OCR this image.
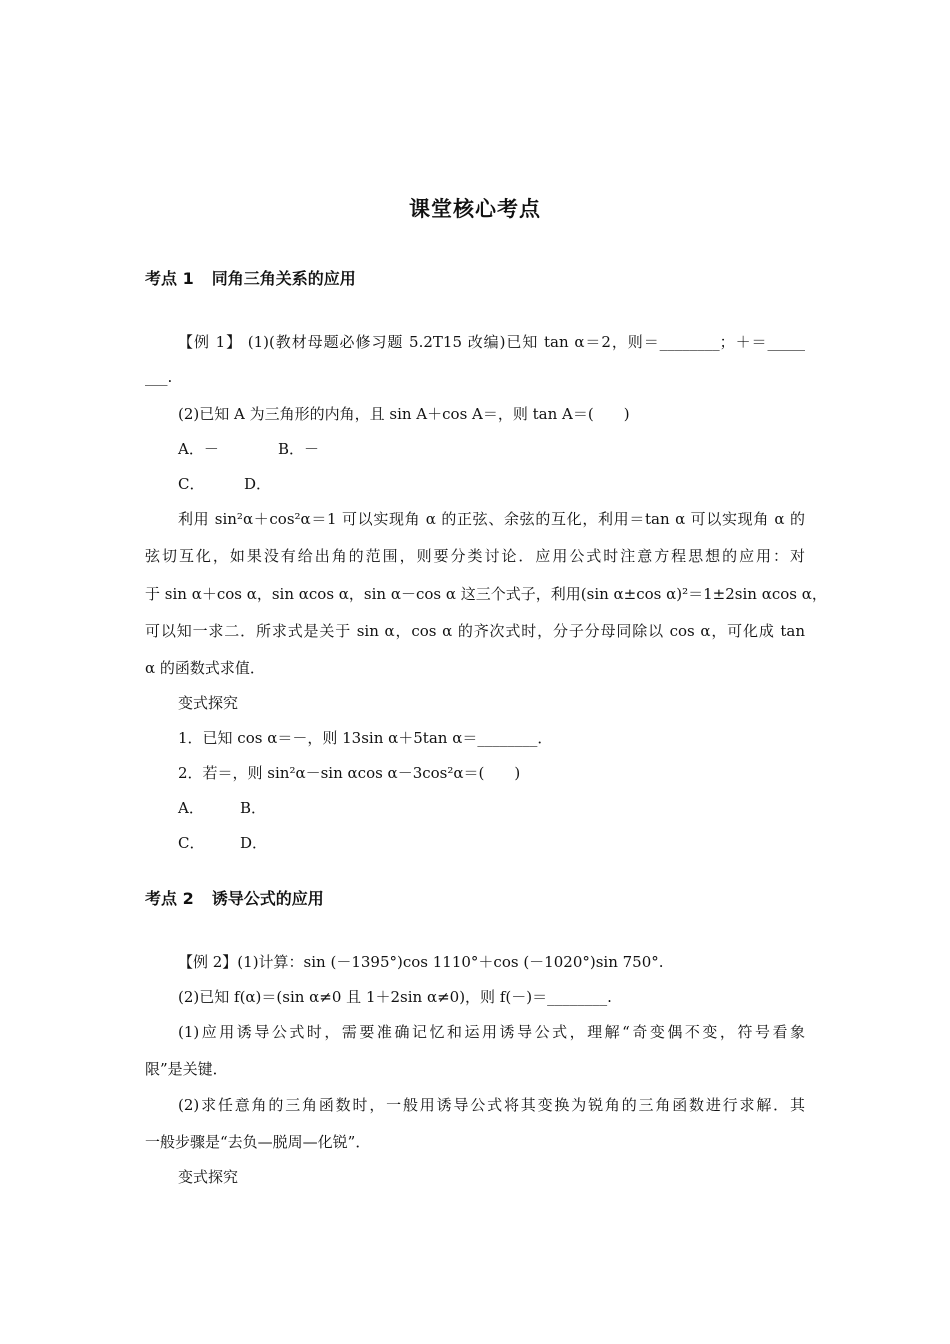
课堂核心考点
考点 1 同角三角关系的应用
【例 1】 (1)(教材母题必修习题 5.2T15 改编)已知 tan α＝2，则＝________；＋＝_____
___.
(2)已知 A 为三角形的内角，且 sin A＋cos A＝，则 tan A＝(　　)
A．－	B．－
C．	D．
利用 sin²α＋cos²α＝1 可以实现角 α 的正弦、余弦的互化，利用＝tan α 可以实现角 α 的
弦切互化，如果没有给出角的范围，则要分类讨论．应用公式时注意方程思想的应用：对
于 sin α＋cos α，sin αcos α，sin α－cos α 这三个式子，利用(sin α±cos α)²＝1±2sin αcos α，
可以知一求二．所求式是关于 sin α，cos α 的齐次式时，分子分母同除以 cos α，可化成 tan
α 的函数式求值．
变式探究
1．已知 cos α＝－，则 13sin α＋5tan α＝________．
2．若＝，则 sin²α－sin αcos α－3cos²α＝(　　)
A． B．
C． D．
考点 2 诱导公式的应用
【例 2】(1)计算：sin (－1395°)cos 1110°＋cos (－1020°)sin 750°.
(2)已知 f(α)＝(sin α≠0 且 1＋2sin α≠0)，则 f(－)＝________.
(1)应用诱导公式时，需要准确记忆和运用诱导公式，理解“奇变偶不变，符号看象
限”是关键．
(2)求任意角的三角函数时，一般用诱导公式将其变换为锐角的三角函数进行求解．其
一般步骤是“去负—脱周—化锐”．
变式探究
